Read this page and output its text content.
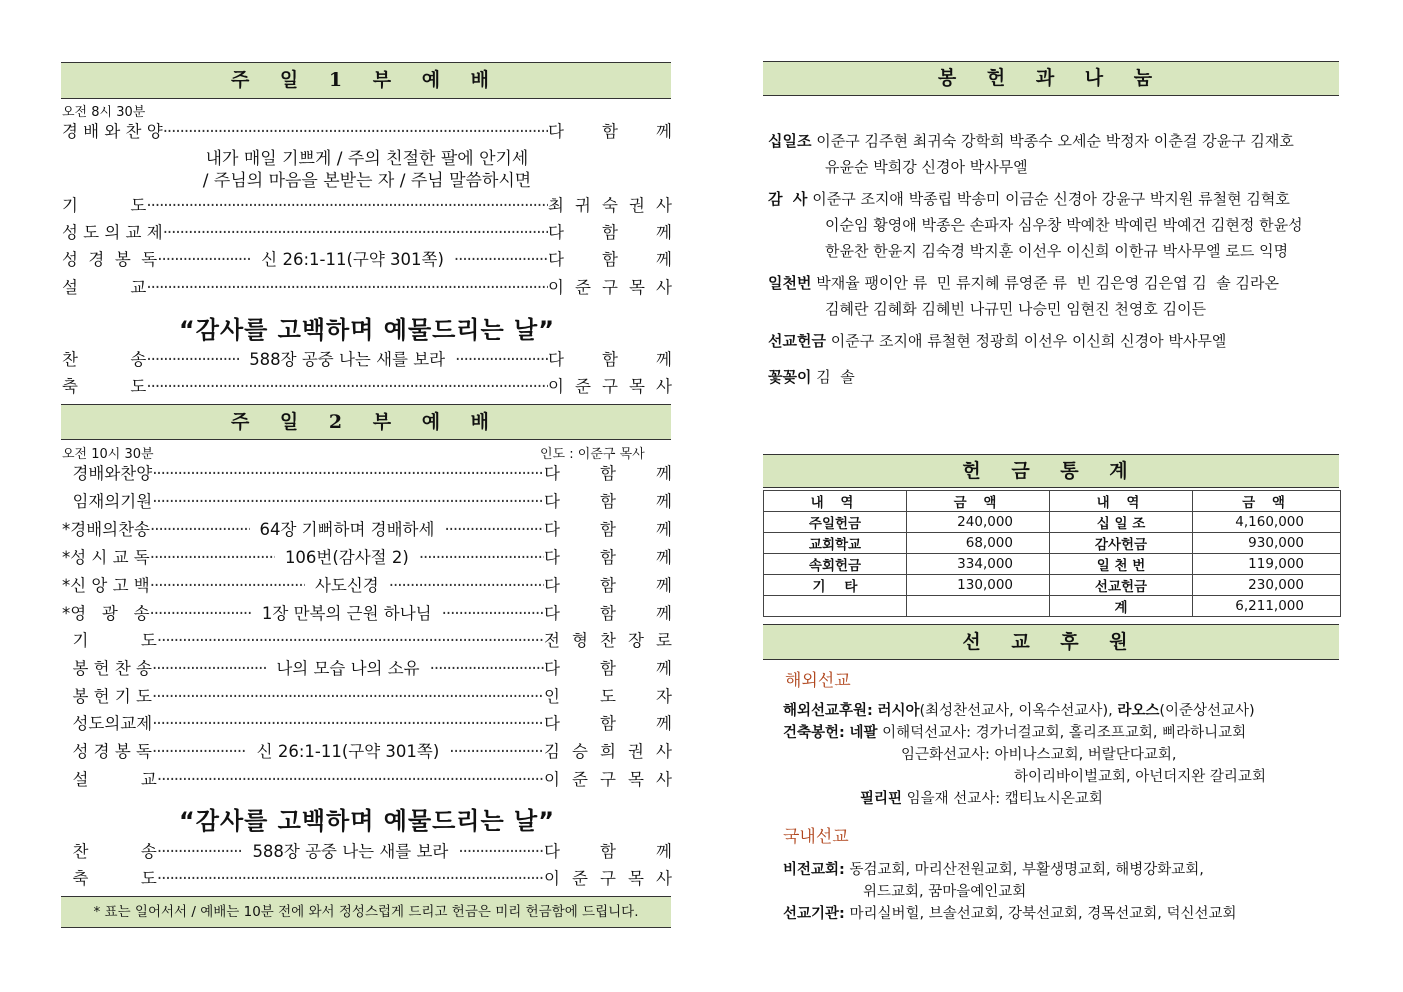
주 일 1 부 예 배
오전 8시 30분
경 배 와 찬 양 ·····	다 함 께
기          도 ·····	최 귀 숙 권 사
성 도 의 교 제 ·····	다 함 께
성  경  봉  독 ·····	신 26:1-11(구약 301쪽) ·····	다 함 께
설          교 ·····	이 준 구 목 사
찬          송 ·····	588장 공중 나는 새를 보라 ·····	다 함 께
축          도 ·····	이 준 구 목 사
내가 매일 기쁘게 / 주의 친절한 팔에 안기세
/ 주님의 마음을 본받는 자 / 주님 말씀하시면
“감사를 고백하며 예물드리는 날”
주 일 2 부 예 배
오전 10시 30분	인도 : 이준구 목사
경배와찬양 ·····	다 함 께
임재의기원 ·····	다 함 께
*경배의찬송 ·····	64장 기뻐하며 경배하세 ·····	다 함 께
*성 시 교 독 ·····	106번(감사절 2) ·····	다 함 께
*신 앙 고 백 ·····	사도신경 ·····	다 함 께
*영   광   송 ·····	1장 만복의 근원 하나님 ·····	다 함 께
기          도 ·····	전 형 찬 장 로
봉 헌 찬 송 ·····	나의 모습 나의 소유 ·····	다 함 께
봉 헌 기 도 ·····	인 도 자
성도의교제 ·····	다 함 께
성 경 봉 독 ·····	신 26:1-11(구약 301쪽) ·····	김 승 희 권 사
설          교 ·····	이 준 구 목 사
찬          송 ·····	588장 공중 나는 새를 보라 ·····	다 함 께
축          도 ·····	이 준 구 목 사
“감사를 고백하며 예물드리는 날”
* 표는 일어서서 / 예배는 10분 전에 와서 정성스럽게 드리고 헌금은 미리 헌금함에 드립니다.
봉 헌 과 나 눔
십일조 이준구 김주현 최귀숙 강학희 박종수 오세순 박정자 이춘걸 강윤구 김재호
유윤순 박희강 신경아 박사무엘
감  사 이준구 조지애 박종립 박송미 이금순 신경아 강윤구 박지원 류철현 김혁호
이순임 황영애 박종은 손파자 심우창 박예찬 박예린 박예건 김현정 한윤성
한윤찬 한윤지 김숙경 박지훈 이선우 이신희 이한규 박사무엘 로드 익명
일천번 박재율 팽이안 류  민 류지혜 류영준 류  빈 김은영 김은엽 김  솔 김라온
김혜란 김혜화 김혜빈 나규민 나승민 임현진 천영호 김이든
선교헌금 이준구 조지애 류철현 정광희 이선우 이신희 신경아 박사무엘
꽃꽂이 김  솔
헌 금 통 계
내 역	금 액	내 역	금 액
주일헌금	240,000	십 일 조	4,160,000
교회학교	68,000	감사헌금	930,000
속회헌금	334,000	일 천 번	119,000
기    타	130,000	선교헌금	230,000
		계	6,211,000
선 교 후 원
해외선교
해외선교후원: 러시아(최성찬선교사, 이옥수선교사), 라오스(이준상선교사)
건축봉헌: 네팔 이해덕선교사: 경가너걸교회, 홀리조프교회, 삐라하니교회
임근화선교사: 아비나스교회, 버랄단다교회,
하이리바이벌교회, 아넌더지완 갈리교회
필리핀 임을재 선교사: 캡티뇨시온교회
국내선교
비전교회: 동검교회, 마리산전원교회, 부활생명교회, 해병강화교회,
위드교회, 꿈마을예인교회
선교기관: 마리실버힐, 브솔선교회, 강북선교회, 경목선교회, 덕신선교회
